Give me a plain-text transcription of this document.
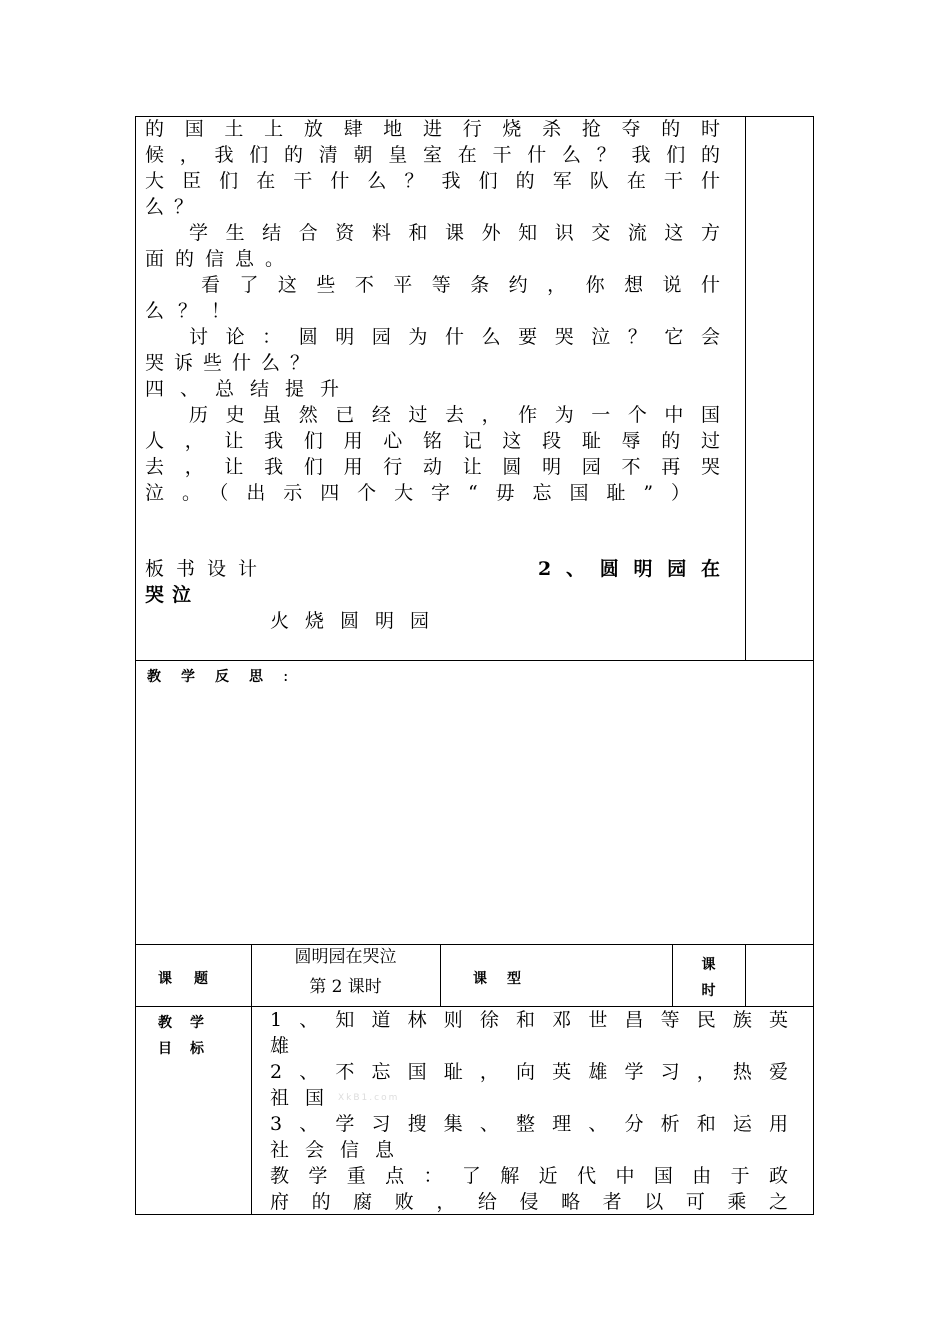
的国土上放肆地进行烧杀抢夺的时
候，我们的清朝皇室在干什么？我们的
大臣们在干什么？我们的军队在干什
么？
学生结合资料和课外知识交流这方
面的信息。
看了这些不平等条约，你想说什
么？！
讨论：圆明园为什么要哭泣？它会
哭诉些什么？
四、总结提升
历史虽然已经过去，作为一个中国
人，让我们用心铭记这段耻辱的过
去，让我们用行动让圆明园不再哭
泣。（出示四个大字“毋忘国耻”）
板书设计	2、圆明园在
哭泣
火烧圆明园
教学反思:
课题
圆明园在哭泣
第 2 课时	课型
课
时
教学
目标
1、知道林则徐和邓世昌等民族英
雄
2、不忘国耻，向英雄学习，热爱
祖国
3、学习搜集、整理、分析和运用
社会信息
教学重点：了解近代中国由于政
府的腐败，给侵略者以可乘之
XkB1.com
